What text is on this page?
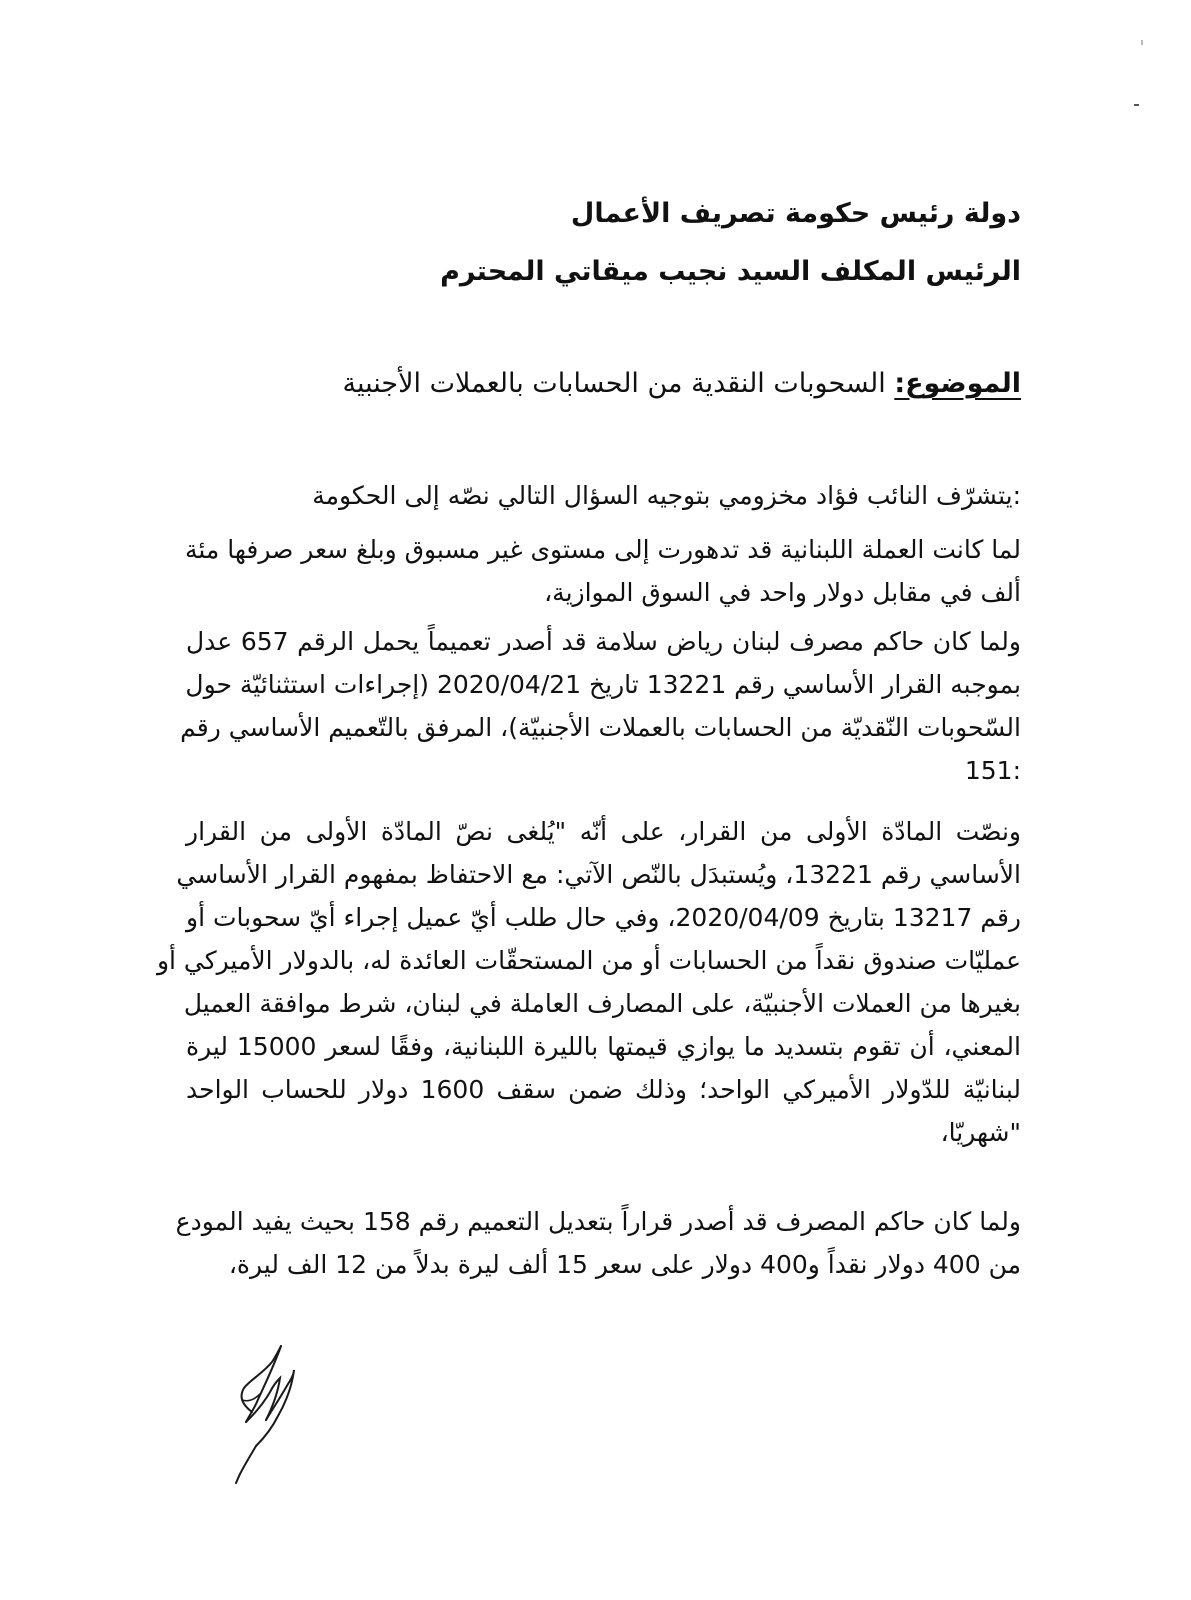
دولة رئيس حكومة تصريف الأعمال
الرئيس المكلف السيد نجيب ميقاتي المحترم
الموضوع: السحوبات النقدية من الحسابات بالعملات الأجنبية
:يتشرّف النائب فؤاد مخزومي بتوجيه السؤال التالي نصّه إلى الحكومة
لما كانت العملة اللبنانية قد تدهورت إلى مستوى غير مسبوق وبلغ سعر صرفها مئة
ألف في مقابل دولار واحد في السوق الموازية،
ولما كان حاكم مصرف لبنان رياض سلامة قد أصدر تعميماً يحمل الرقم 657 عدل
بموجبه القرار الأساسي رقم 13221 تاريخ 2020/04/21 (إجراءات استثنائيّة حول
السّحوبات النّقديّة من الحسابات بالعملات الأجنبيّة)، المرفق بالتّعميم الأساسي رقم
:151
ونصّت المادّة الأولى من القرار، على أنّه "يُلغى نصّ المادّة الأولى من القرار
الأساسي رقم 13221، ويُستبدَل بالنّص الآتي: مع الاحتفاظ بمفهوم القرار الأساسي
رقم 13217 بتاريخ 2020/04/09، وفي حال طلب أيّ عميل إجراء أيّ سحوبات أو
عمليّات صندوق نقداً من الحسابات أو من المستحقّات العائدة له، بالدولار الأميركي أو
بغيرها من العملات الأجنبيّة، على المصارف العاملة في لبنان، شرط موافقة العميل
المعني، أن تقوم بتسديد ما يوازي قيمتها بالليرة اللبنانية، وفقًا لسعر 15000 ليرة
لبنانيّة للدّولار الأميركي الواحد؛ وذلك ضمن سقف 1600 دولار للحساب الواحد
"شهريّا،
ولما كان حاكم المصرف قد أصدر قراراً بتعديل التعميم رقم 158 بحيث يفيد المودع
من 400 دولار نقداً و400 دولار على سعر 15 ألف ليرة بدلاً من 12 الف ليرة،
